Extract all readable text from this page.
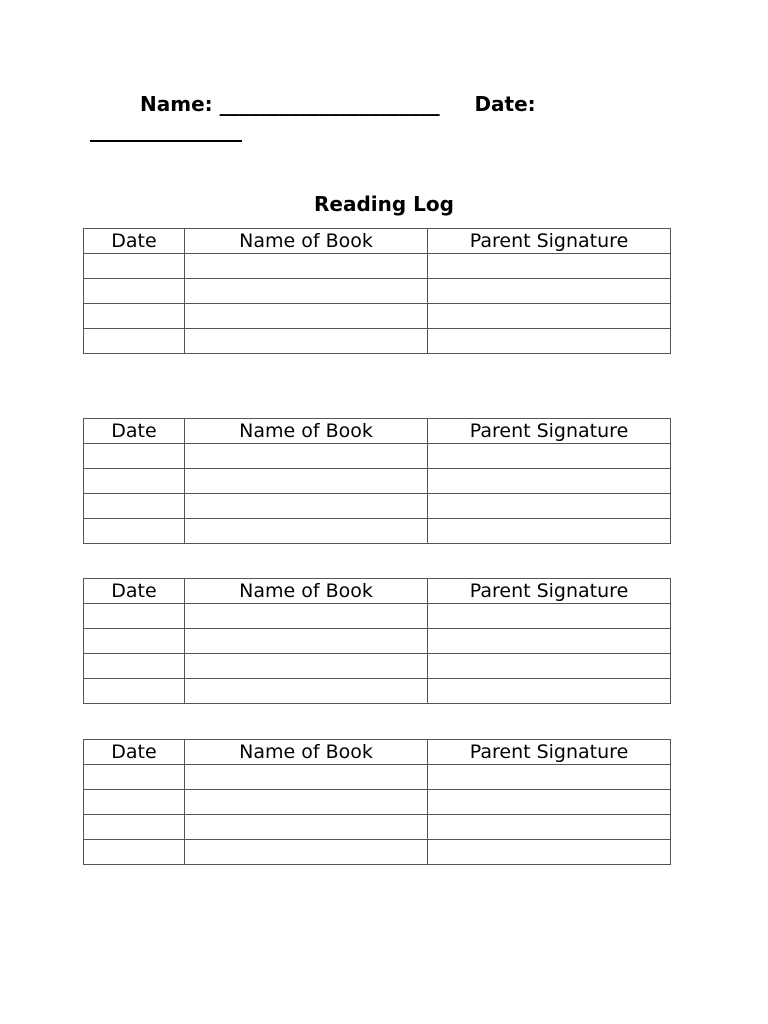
Name: ______________________ Date:
Reading Log
Date	Name of Book	Parent Signature

Date	Name of Book	Parent Signature

Date	Name of Book	Parent Signature

Date	Name of Book	Parent Signature
